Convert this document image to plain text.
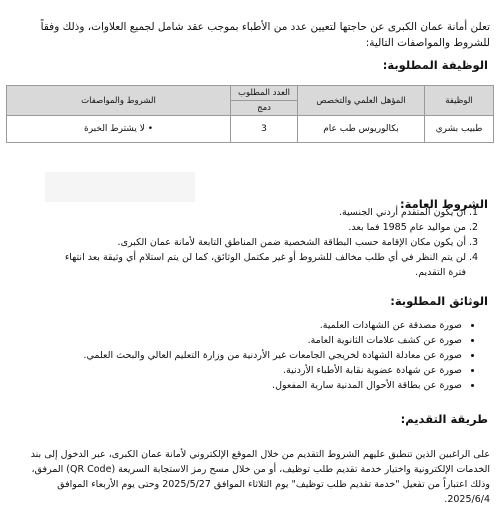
تعلن أمانة عمان الكبرى عن حاجتها لتعيين عدد من الأطباء بموجب عقد شامل لجميع العلاوات، وذلك وفقاً للشروط والمواصفات التالية:

الوظيفة المطلوبة:
الوظيفة	المؤهل العلمي والتخصص	العدد المطلوب	الشروط والمواصفات
		دمج	
طبيب بشري	بكالوريوس طب عام	3	• لا يشترط الخبرة
الشروط العامة:
1. أن يكون المتقدم أردني الجنسية.
2. من مواليد عام 1985 فما بعد.
3. أن يكون مكان الإقامة حسب البطاقة الشخصية ضمن المناطق التابعة لأمانة عمان الكبرى.
4. لن يتم النظر في أي طلب مخالف للشروط أو غير مكتمل الوثائق، كما لن يتم استلام أي وثيقة بعد انتهاء فترة التقديم.
الوثائق المطلوبة:
• صورة مصدقة عن الشهادات العلمية.
• صورة عن كشف علامات الثانوية العامة.
• صورة عن معادلة الشهادة لخريجي الجامعات غير الأردنية من وزارة التعليم العالي والبحث العلمي.
• صورة عن شهادة عضوية نقابة الأطباء الأردنية.
• صورة عن بطاقة الأحوال المدنية سارية المفعول.
طريقة التقديم:

على الراغبين الذين تنطبق عليهم الشروط التقديم من خلال الموقع الإلكتروني لأمانة عمان الكبرى، عبر الدخول إلى بند الخدمات الإلكترونية واختيار خدمة تقديم طلب توظيف، أو من خلال مسح رمز الاستجابة السريعة (QR Code) المرفق، وذلك اعتباراً من تفعيل "خدمة تقديم طلب توظيف" يوم الثلاثاء الموافق 2025/5/27 وحتى يوم الأربعاء الموافق 2025/6/4.
